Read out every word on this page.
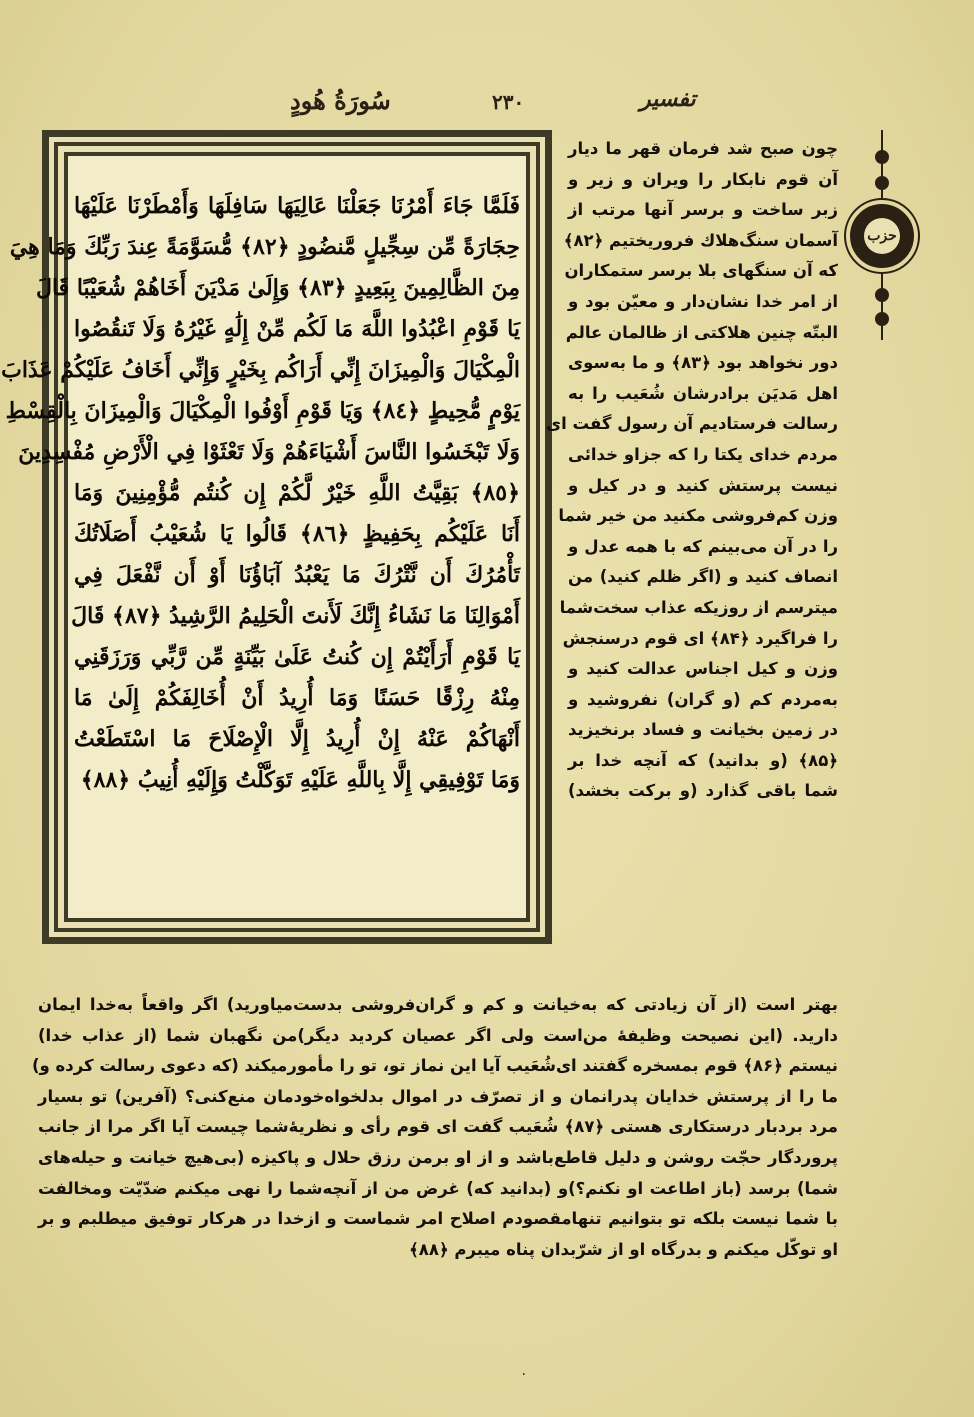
سُورَةُ هُودٍ	۲۳۰	تفسیر
فَلَمَّا جَاءَ أَمْرُنَا جَعَلْنَا عَالِيَهَا سَافِلَهَا وَأَمْطَرْنَا عَلَيْهَا
حِجَارَةً مِّن سِجِّيلٍ مَّنضُودٍ ﴿٨٢﴾ مُّسَوَّمَةً عِندَ رَبِّكَ وَمَا هِيَ
مِنَ الظَّالِمِينَ بِبَعِيدٍ ﴿٨٣﴾ وَإِلَىٰ مَدْيَنَ أَخَاهُمْ شُعَيْبًا قَالَ
يَا قَوْمِ اعْبُدُوا اللَّهَ مَا لَكُم مِّنْ إِلَٰهٍ غَيْرُهُ وَلَا تَنقُصُوا
الْمِكْيَالَ وَالْمِيزَانَ إِنِّي أَرَاكُم بِخَيْرٍ وَإِنِّي أَخَافُ عَلَيْكُمْ عَذَابَ
يَوْمٍ مُّحِيطٍ ﴿٨٤﴾ وَيَا قَوْمِ أَوْفُوا الْمِكْيَالَ وَالْمِيزَانَ بِالْقِسْطِ
وَلَا تَبْخَسُوا النَّاسَ أَشْيَاءَهُمْ وَلَا تَعْثَوْا فِي الْأَرْضِ مُفْسِدِينَ
﴿٨٥﴾ بَقِيَّتُ اللَّهِ خَيْرٌ لَّكُمْ إِن كُنتُم مُّؤْمِنِينَ وَمَا
أَنَا عَلَيْكُم بِحَفِيظٍ ﴿٨٦﴾ قَالُوا يَا شُعَيْبُ أَصَلَاتُكَ
تَأْمُرُكَ أَن نَّتْرُكَ مَا يَعْبُدُ آبَاؤُنَا أَوْ أَن نَّفْعَلَ فِي
أَمْوَالِنَا مَا نَشَاءُ إِنَّكَ لَأَنتَ الْحَلِيمُ الرَّشِيدُ ﴿٨٧﴾ قَالَ
يَا قَوْمِ أَرَأَيْتُمْ إِن كُنتُ عَلَىٰ بَيِّنَةٍ مِّن رَّبِّي وَرَزَقَنِي
مِنْهُ رِزْقًا حَسَنًا وَمَا أُرِيدُ أَنْ أُخَالِفَكُمْ إِلَىٰ مَا
أَنْهَاكُمْ عَنْهُ إِنْ أُرِيدُ إِلَّا الْإِصْلَاحَ مَا اسْتَطَعْتُ
وَمَا تَوْفِيقِي إِلَّا بِاللَّهِ عَلَيْهِ تَوَكَّلْتُ وَإِلَيْهِ أُنِيبُ ﴿٨٨﴾
حزب
چون صبح شد فرمان قهر ما دیار
آن قوم نابکار را ویران و زیر و
زبر ساخت و برسر آنها مرتب از
آسمان سنگ‌هلاك فروریختیم ﴿۸۲﴾
که آن سنگهای بلا برسر ستمکاران
از امر خدا نشان‌دار و معیّن بود و
البتّه چنین هلاکتی از ظالمان عالم
دور نخواهد بود ﴿۸۳﴾ و ما به‌سوی
اهل مَدیَن برادرشان شُعَیب را به
رسالت فرستادیم آن رسول گفت ای
مردم خدای یکتا را که جزاو خدائی
نیست پرستش کنید و در کیل و
وزن کم‌فروشی مکنید من خیر شما
را در آن می‌بینم که با همه عدل و
انصاف کنید و (اگر ظلم کنید) من
میترسم از روزیکه عذاب سخت‌شما
را فراگیرد ﴿۸۴﴾ ای قوم درسنجش
وزن و کیل اجناس عدالت کنید و
به‌مردم کم (و گران) نفروشید و
در زمین بخیانت و فساد برنخیزید
﴿۸۵﴾ (و بدانید) که آنچه خدا بر
شما باقی گذارد (و برکت بخشد)
بهتر است (از آن زیادتی که به‌خیانت و کم و گران‌فروشی بدست‌میاورید) اگر واقعاً به‌خدا ایمان
دارید. (این نصیحت وظیفهٔ من‌است ولی اگر عصیان کردید دیگر)من نگهبان شما (از عذاب خدا)
نیستم ﴿۸۶﴾ قوم بمسخره گفتند ای‌شُعَیب آیا این نماز تو، تو را مأمورمیکند (که دعوی رسالت کرده و)
ما را از پرستش خدایان پدرانمان و از تصرّف در اموال بدلخواه‌خودمان منع‌کنی؟ (آفرین) تو بسیار
مرد بردبار درستکاری هستی ﴿۸۷﴾ شُعَیب گفت ای قوم رأی و نظریهٔ‌شما چیست آیا اگر مرا از جانب
پروردگار حجّت روشن و دلیل قاطع‌باشد و از او برمن رزق حلال و پاکیزه (بی‌هیچ خیانت و حیله‌های
شما) برسد (باز اطاعت او نکنم؟)و (بدانید که) غرض من از آنچه‌شما را نهی میکنم ضدّیّت ومخالفت
با شما نیست بلکه تو بتوانیم تنها‌مقصودم اصلاح امر شماست و ازخدا در هرکار توفیق میطلبم و بر
او توکّل میکنم و بدرگاه او از شرّبدان پناه میبرم ﴿۸۸﴾
۰
